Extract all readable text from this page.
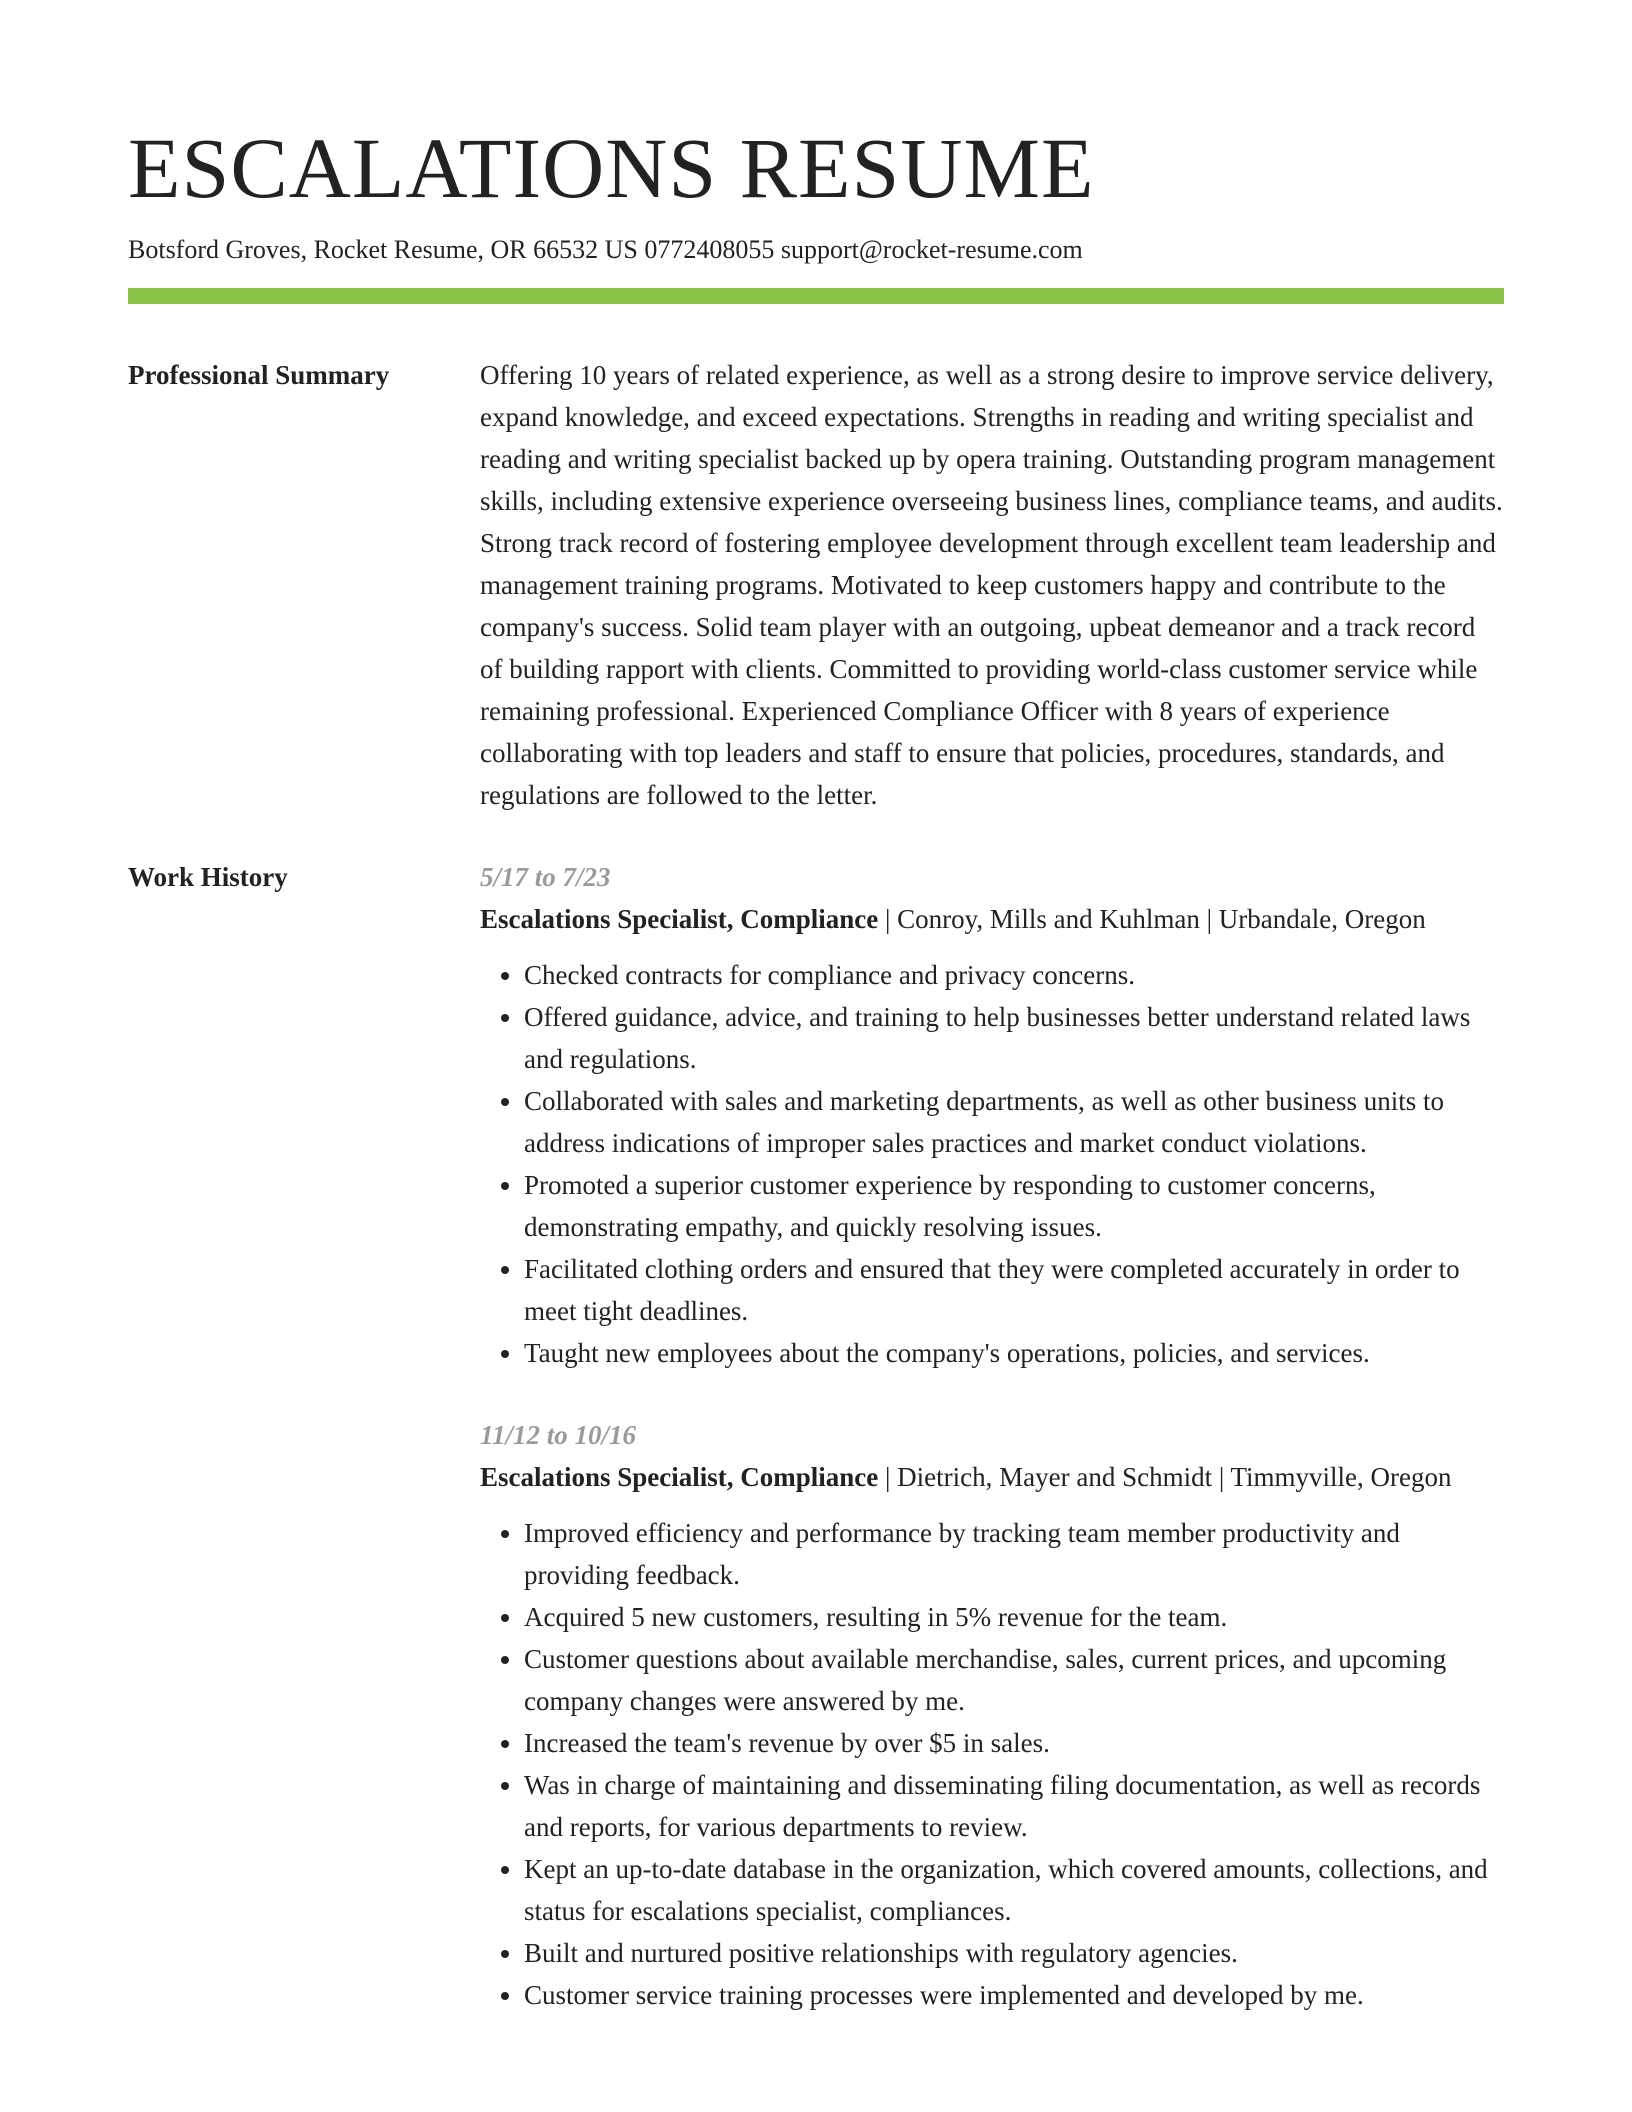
ESCALATIONS RESUME
Botsford Groves, Rocket Resume, OR 66532 US 0772408055 support@rocket-resume.com
Professional Summary	Offering 10 years of related experience, as well as a strong desire to improve service delivery, expand knowledge, and exceed expectations. Strengths in reading and writing specialist and reading and writing specialist backed up by opera training. Outstanding program management skills, including extensive experience overseeing business lines, compliance teams, and audits. Strong track record of fostering employee development through excellent team leadership and management training programs. Motivated to keep customers happy and contribute to the company's success. Solid team player with an outgoing, upbeat demeanor and a track record of building rapport with clients. Committed to providing world-class customer service while remaining professional. Experienced Compliance Officer with 8 years of experience collaborating with top leaders and staff to ensure that policies, procedures, standards, and regulations are followed to the letter.

Work History	5/17 to 7/23
Escalations Specialist, Compliance | Conroy, Mills and Kuhlman | Urbandale, Oregon
• Checked contracts for compliance and privacy concerns.
• Offered guidance, advice, and training to help businesses better understand related laws and regulations.
• Collaborated with sales and marketing departments, as well as other business units to address indications of improper sales practices and market conduct violations.
• Promoted a superior customer experience by responding to customer concerns, demonstrating empathy, and quickly resolving issues.
• Facilitated clothing orders and ensured that they were completed accurately in order to meet tight deadlines.
• Taught new employees about the company's operations, policies, and services.
11/12 to 10/16
Escalations Specialist, Compliance | Dietrich, Mayer and Schmidt | Timmyville, Oregon
• Improved efficiency and performance by tracking team member productivity and providing feedback.
• Acquired 5 new customers, resulting in 5% revenue for the team.
• Customer questions about available merchandise, sales, current prices, and upcoming company changes were answered by me.
• Increased the team's revenue by over $5 in sales.
• Was in charge of maintaining and disseminating filing documentation, as well as records and reports, for various departments to review.
• Kept an up-to-date database in the organization, which covered amounts, collections, and status for escalations specialist, compliances.
• Built and nurtured positive relationships with regulatory agencies.
• Customer service training processes were implemented and developed by me.
